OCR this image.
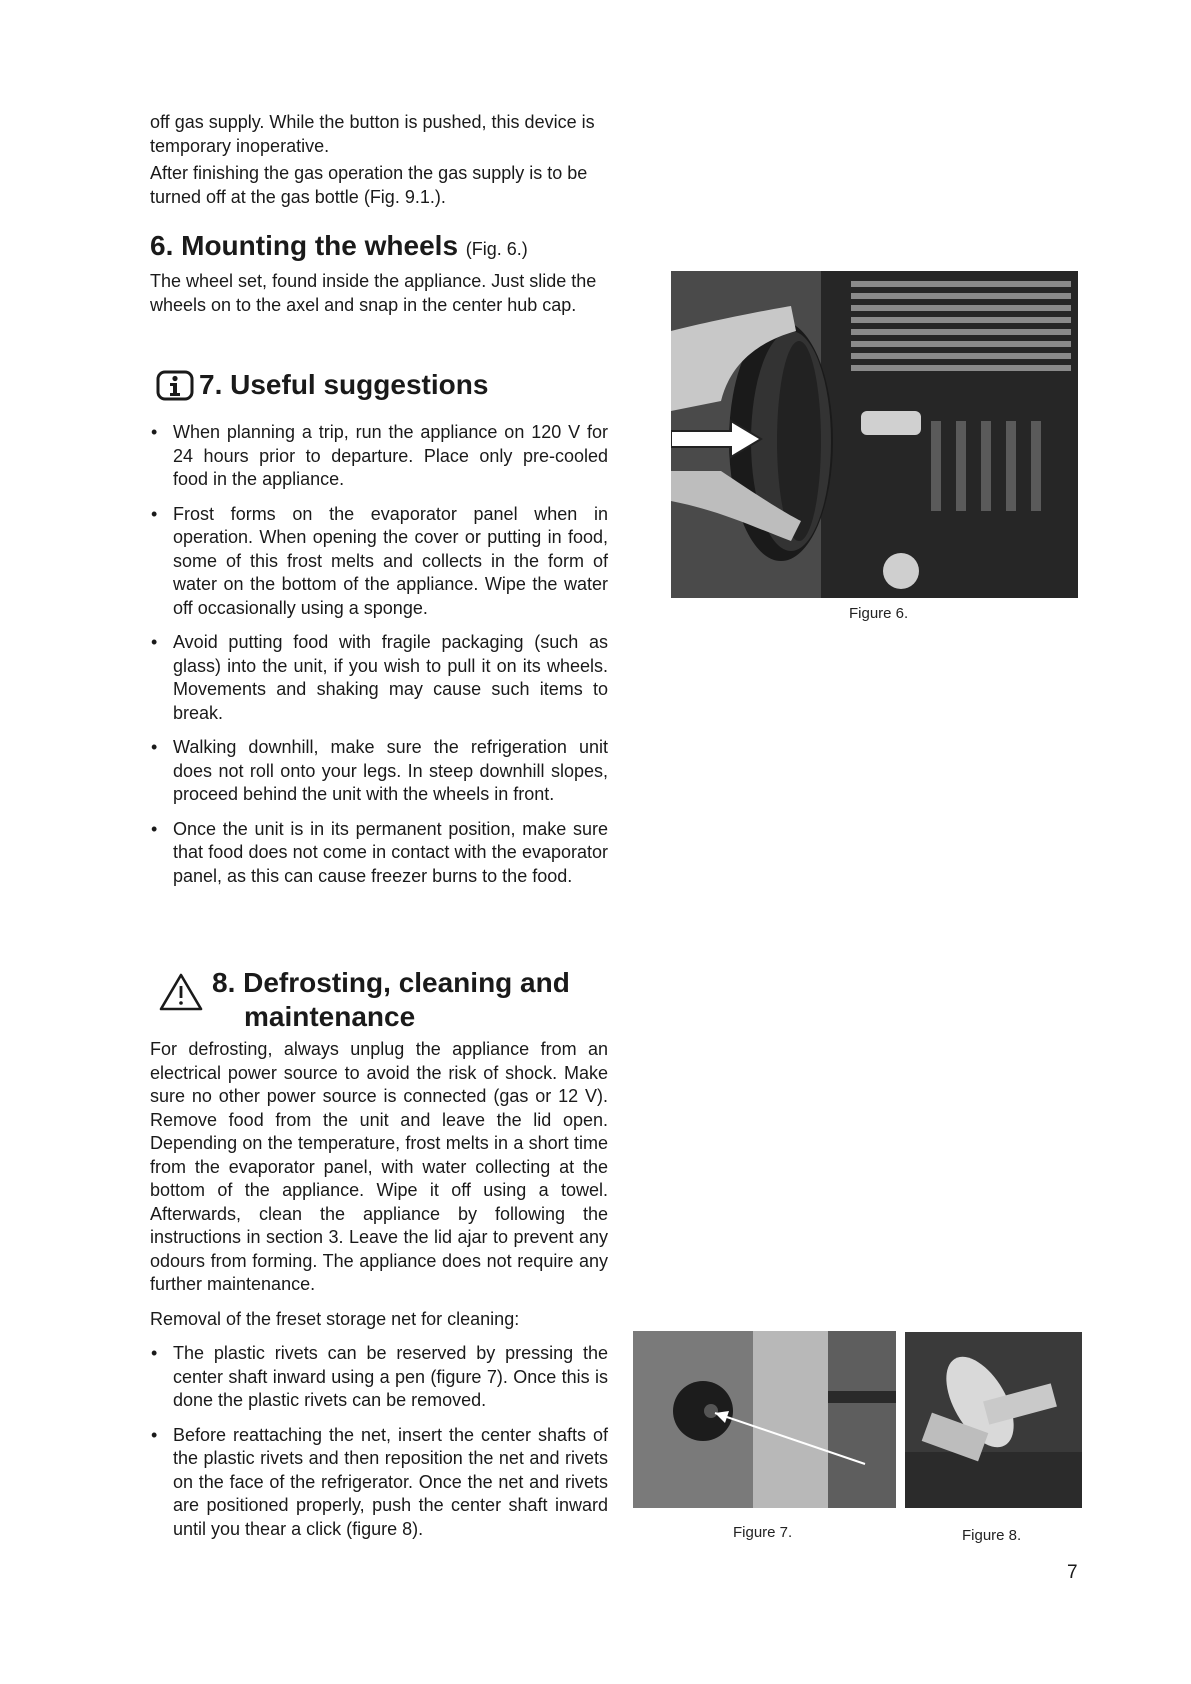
off gas supply. While the button is pushed, this device is temporary inoperative.

After finishing the gas operation the gas supply is to be turned off at the gas bottle (Fig. 9.1.).

6. Mounting the wheels (Fig. 6.)

The wheel set, found inside the appliance. Just slide the wheels on to the axel and snap in the center hub cap.

7. Useful suggestions
• When planning a trip, run the appliance on 120 V for 24 hours prior to departure. Place only pre-cooled food in the appliance.
• Frost forms on the evaporator panel when in operation. When opening the cover or putting in food, some of this frost melts and collects in the form of water on the bottom of the appliance. Wipe the water off occasionally using a sponge.
• Avoid putting food with fragile packaging (such as glass) into the unit, if you wish to pull it on its wheels. Movements and shaking may cause such items to break.
• Walking downhill, make sure the refrigeration unit does not roll onto your legs. In steep downhill slopes, proceed behind the unit with the wheels in front.
• Once the unit is in its permanent position, make sure that food does not come in contact with the evaporator panel, as this can cause freezer burns to the food.
8. Defrosting, cleaning and
maintenance

For defrosting, always unplug the appliance from an electrical power source to avoid the risk of shock. Make sure no other power source is connected (gas or 12 V). Remove food from the unit and leave the lid open. Depending on the temperature, frost melts in a short time from the evaporator panel, with water collecting at the bottom of the appliance. Wipe it off using a towel. Afterwards, clean the appliance by following the instructions in section 3. Leave the lid ajar to prevent any odours from forming. The appliance does not require any further maintenance.

Removal of the freset storage net for cleaning:

• The plastic rivets can be reserved by pressing the center shaft inward using a pen (figure 7). Once this is done the plastic rivets can be removed.
• Before reattaching the net, insert the center shafts of the plastic rivets and then reposition the net and rivets on the face of the refrigerator. Once the net and rivets are positioned properly, push the center shaft inward until you thear a click (figure 8).
Figure 6.
Figure 7.	Figure 8.
7
